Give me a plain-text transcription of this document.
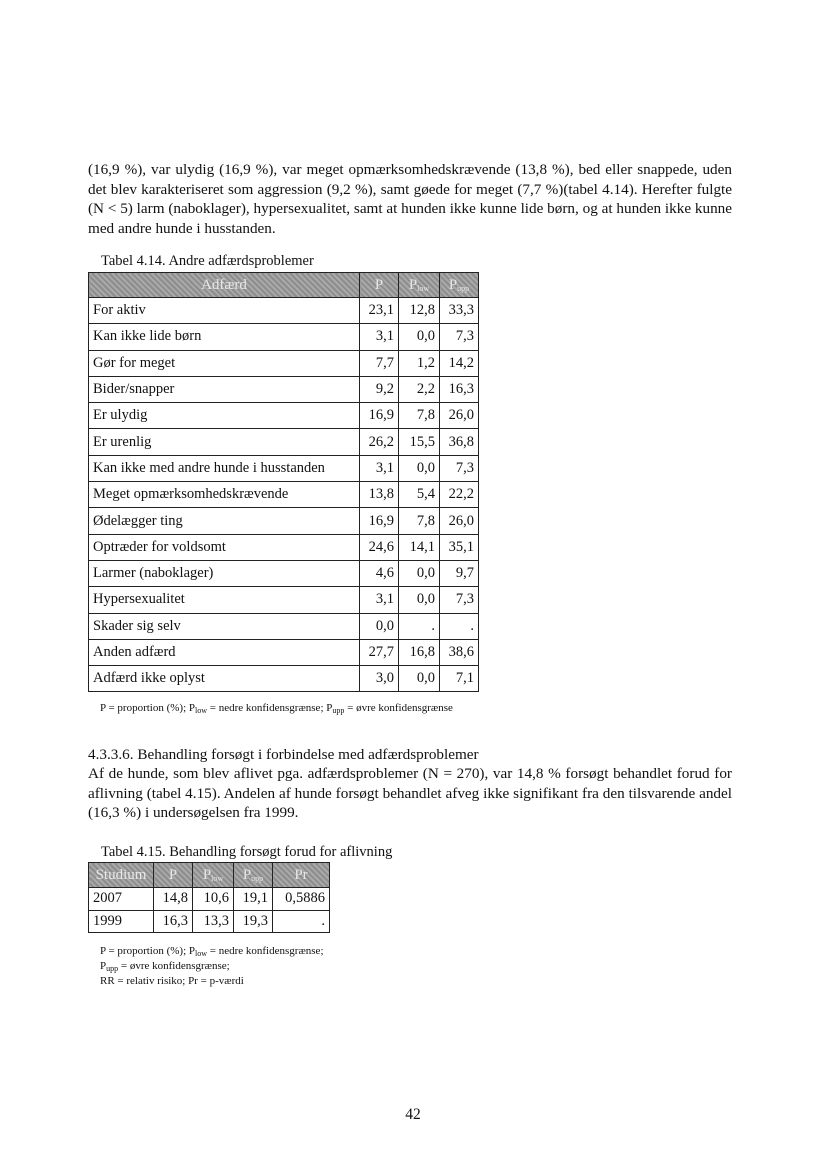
(16,9 %), var ulydig (16,9 %), var meget opmærksomhedskrævende (13,8 %), bed eller snappede, uden det blev karakteriseret som aggression (9,2 %), samt gøede for meget (7,7 %)(tabel 4.14). Herefter fulgte (N < 5) larm (naboklager), hypersexualitet, samt at hunden ikke kunne lide børn, og at hunden ikke kunne med andre hunde i husstanden.

Tabel 4.14. Andre adfærdsproblemer
Adfærd	P	$P_{low}$	$P_{upp}$
For aktiv	23,1	12,8	33,3
Kan ikke lide børn	3,1	0,0	7,3
Gør for meget	7,7	1,2	14,2
Bider/snapper	9,2	2,2	16,3
Er ulydig	16,9	7,8	26,0
Er urenlig	26,2	15,5	36,8
Kan ikke med andre hunde i husstanden	3,1	0,0	7,3
Meget opmærksomhedskrævende	13,8	5,4	22,2
Ødelægger ting	16,9	7,8	26,0
Optræder for voldsomt	24,6	14,1	35,1
Larmer (naboklager)	4,6	0,0	9,7
Hypersexualitet	3,1	0,0	7,3
Skader sig selv	0,0	.	.
Anden adfærd	27,7	16,8	38,6
Adfærd ikke oplyst	3,0	0,0	7,1
P = proportion (%); $P_{low}$ = nedre konfidensgrænse; $P_{upp}$ = øvre konfidensgrænse
4.3.3.6. Behandling forsøgt i forbindelse med adfærdsproblemer

Af de hunde, som blev aflivet pga. adfærdsproblemer (N = 270), var 14,8 % forsøgt behandlet forud for aflivning (tabel 4.15). Andelen af hunde forsøgt behandlet afveg ikke signifikant fra den tilsvarende andel (16,3 %) i undersøgelsen fra 1999.

Tabel 4.15. Behandling forsøgt forud for aflivning
Studium	P	$P_{low}$	$P_{upp}$	Pr
2007	14,8	10,6	19,1	0,5886
1999	16,3	13,3	19,3	.
P = proportion (%); $P_{low}$ = nedre konfidensgrænse;
$P_{upp}$ = øvre konfidensgrænse;
RR = relativ risiko; Pr = p-værdi
42
